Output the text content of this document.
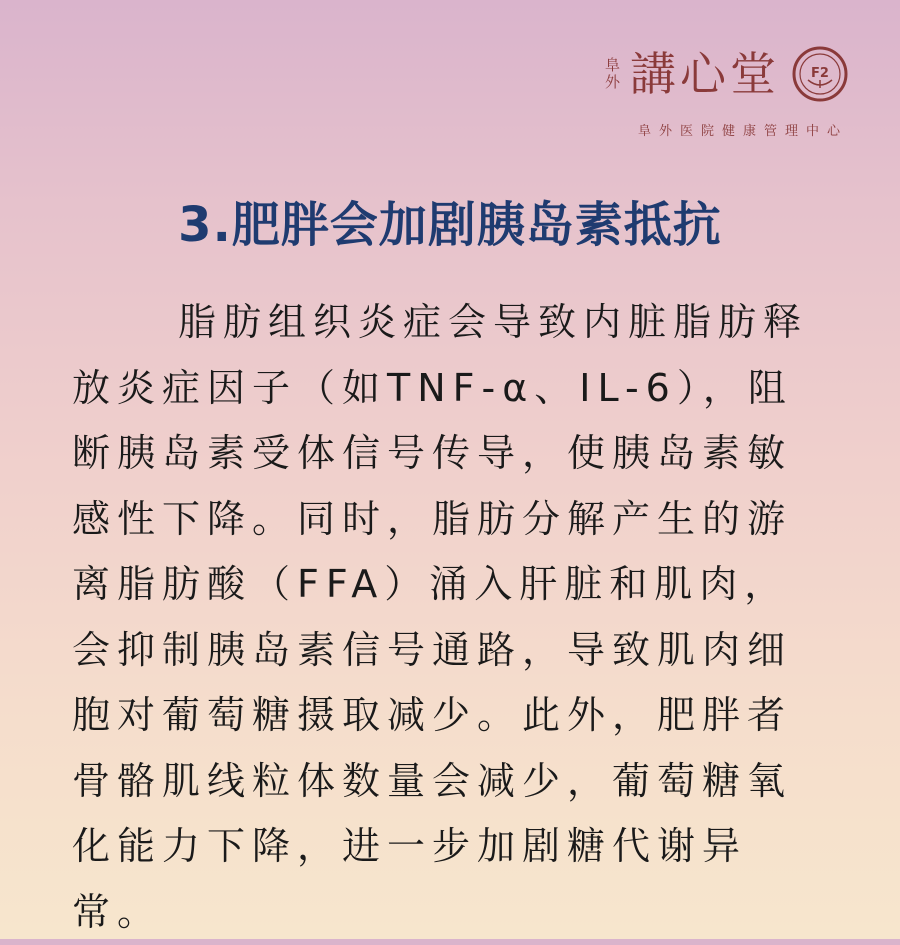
阜
外 講心堂 F2
阜外医院健康管理中心
3.肥胖会加剧胰岛素抵抗

脂肪组织炎症会导致内脏脂肪释放炎症因子（如TNF-α、IL-6），阻断胰岛素受体信号传导，使胰岛素敏感性下降。同时，脂肪分解产生的游离脂肪酸（FFA）涌入肝脏和肌肉，会抑制胰岛素信号通路，导致肌肉细胞对葡萄糖摄取减少。此外，肥胖者骨骼肌线粒体数量会减少，葡萄糖氧化能力下降，进一步加剧糖代谢异常。
